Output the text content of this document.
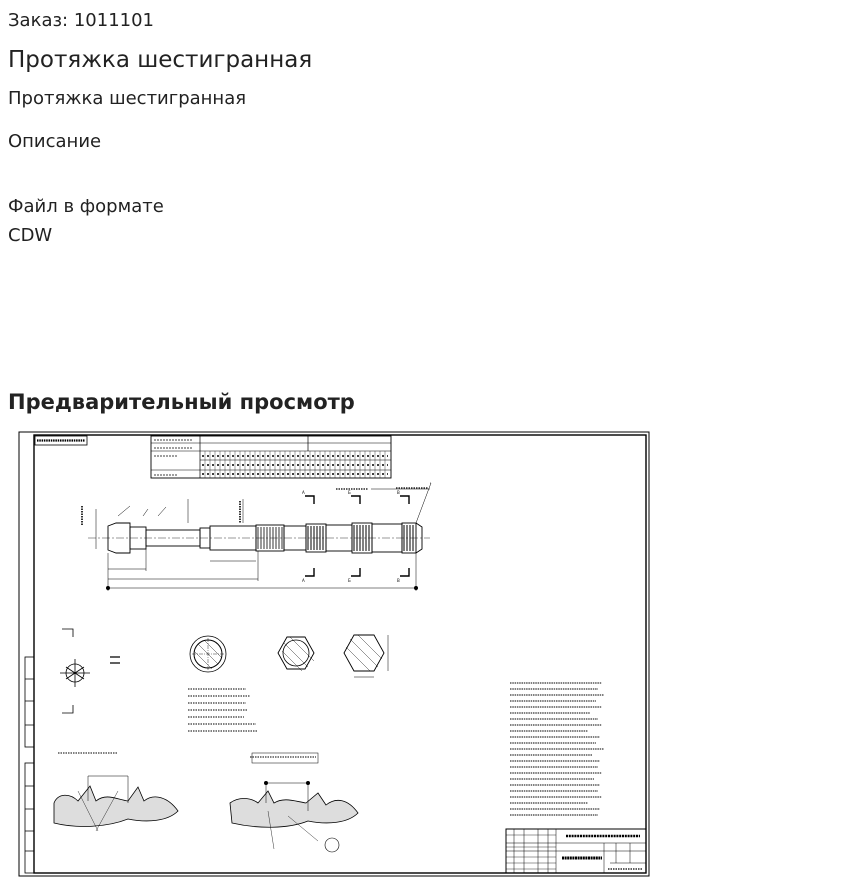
Заказ: 1011101
Протяжка шестигранная
Протяжка шестигранная
Описание
Файл в формате CDW
Предварительный просмотр
A	Б	В
A	Б	В
